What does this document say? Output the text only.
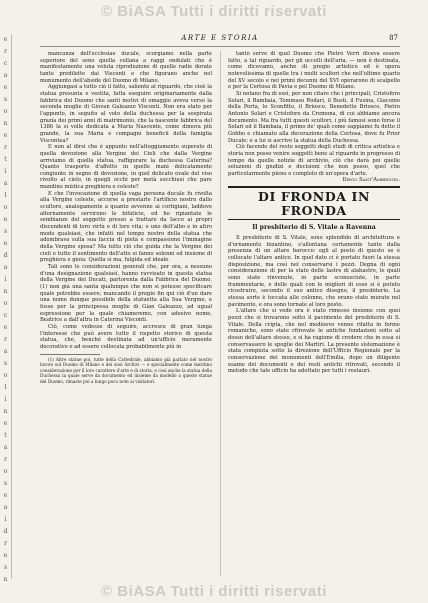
© BiASA Tutti i diritti riservati
e
r
c
a
e
s
o
n
e
r
t
i
a
l
o
e
s
e
d
a
i
n
o
c
e
r
a
s
o
l
i
n
e
t
a
r
o
s
e
a
i
d
r
e
s
n
ARTE E STORIA	87

mancanza dell'ecclesiae ducale, scorgiamo nella parte superiore del seno quella collana a raggi ondulati che è manifestamente una voluta riproduzione di quelle radie dorate tanto predilette dai Visconti e che figurano anche nel monumento dell'abside del Duomo di Milano.

Aggiungasi a tutto ciò il fatto, saliente al riguardo, che cioè la statua presunta e vestita, fatta eseguire originariamente dalla fabbrica del Duomo che santi motivi di omaggio aveva verso la seconda moglie di Giovan Galeazzo Visconti. Non era stato per l'appunto, in seguito al voto della duchessa per la sospirata grazia dei primi anni di matrimonio, che la nascente fabbrica del 1386 la si volle dedicata a Maria Nascente, come dimora più grande, la sua Maria e compagni beneficii della famiglia Visconteа?

E non al dirsi che è appunto nell'atteggiamento superato di quella devozione alla Vergine dei Cieli che dalla Vergine arriviamo di quella statua, raffigurare la duchessa Caterina? Quanto trasporto d'affetto in quelle mani delicatamente congiunte in segno di devozione, in quel delicato ovale del viso rivolto al cielo, in quegli occhi per metà socchiusi che pare mandino mistica preghiera e celeste?

E che l'invocazione di quella vaga persona ducale fu rivolta alla Vergine celeste, accorse a prestarle l'artificio nostro dallo scultore, analogamente a quanto avvenne ai cortigiani, laddove alternamente servirono le bifaticie, ed ho ripiantate le sembianze del soggetto presso a trattare da Iacco ai propri discendenti di loro virtù e di loro vita; o uno dell'albo e in altro modo qualsiasi, che infatti nel tempo nostro della statua che adombrava sulla sua faccia di pietà e compassione l'immagine della Vergine sposa? Ma tutto ciò che guida che la Vergine dei cieli e tutto il sentimento dell'atto si fanno solenni ed insieme di preghiera e gioia: Quella si ma, fulgida ed ideale.

Tali sono le considerazioni generali che, per ora, a nessuno d'una designazione qualsiasi, hanno ravvisato in questa statua della Vergine dei Ducati, partorenta dalla Fabbrica del Duomo, (1) non già una santa qualunque che non si potesse specificare quale potrebbe essere; mancando il pregio fin qui ciò d'un dare una nome dunque possibile della statuetta alla Sua Vergine, e fosse per la principessa moglie di Gian Galeazzo, ad ugual espressione per la quale chiameremo, con adesivo nome, Beatrice a dall'altra in Caterina Visconti.

Ciò, come vedesse di seguire, accresce di gran lunga l'interesse che può avere tutto il rispetto storico di questa statua, che, benché destinata ad un'ufficio meramente decorativo e ad essere collocata probabilmente più in

(1) Altre statue poi, tutte della Cattedrale, abbiamo già parlato nel nostro lavoro sul Duomo di Milano e dei suoi Archivi — e specialmente come meritino considerazione per il loro carattere d'arte e di storia, e così anche la statua della Duchessa la quale serve da documento ed insieme da modello a queste statue del Duomo, rimaste poi a lungo poco note ai visitatori.

tanto serve di quel Duomo che Pietro Verri diceva essere fatto, a tal riguardo, per gli uccelli dell'aria, — non è destinata, come dicevamo, anche di pregio artistico ed è opera notevolissima di quelle tra i molti scultori che nell'ultimo quarto del XV secolo e nei primi decenni del XVI operarono di scalpello e per la Certosa di Pavia e pel Duomo di Milano.

Si notano fra di essi, per non citare che i principali, Cristoforo Solari, il Bambaia, Tommaso Rodari, il Busti, il Fusina, Giacomo della Porta, lo Sconfitto, il Briosco, Benedetto Briosco, Pietro Antonio Solari e Cristoforo da Cremona, di cui abbiamo ancora documento. Ma fra tutti questi scultori, i più famosi sono forse il Solari ed il Bambaia, il primo de' quali come sappiamo fu detto il Gobbo e chiamato alla decorazione della Certosa, dove fu Prior Ducale; e a lui si ascrive la statua della Duchessa.

Ciò facendo del resto soggetti degli studi di critica artistica e storia non posso venire soggetti bene al riguardo in progresso di tempo da quelle notizie di archivio, ciò che darà poi quelle soluzioni di giudizi e decisioni che non posso, quel che particolarmente pieno e completo di un'opera d'arte.

Diego Sant'Ambrogio.

DI FRONDA IN FRONDA
Il presbiterio di S. Vitale a Ravenna

Il presbiterio di S. Vitale, sono splendido di architettura e d'ornamento bizantino, s'allontana certamente tanto dalla presenza di un altare barocco: egli al posto di questo se è collocato l'altare antico. In quel dato ci è portato fuori la stessa disposizione, ma così nel conservarsi i pezzi. Degna di ogni considerazione di per la stato delle lastre di alabastro, le quali sono state rinvenute, in parte sconosciute, in parte frammentarie, e delle quali con le migliori di esse si è potuto ricostruire, secondo il suo antico disegno, il presbiterio. La stessa sorte è toccata alle colonne, che erano state murate nel pavimento, e ora sono tornate al loro posto.

L'altare che si vede ora è stato rimesso insieme con quei pezzi che si trovarono sotto il pavimento del presbiterio di S. Vitale. Della cripta, che nel medioevo venne rifatta in forme romaniche, sono state ritrovate le antiche fondazioni sotto al dosso dell'altare stesso, e si ha ragione di credere che in essa si conservassero le spoglie dei Martiri. La presente sistemazione è stata compiuta sotto la direzione dell'Ufficio Regionale per la conservazione dei monumenti dell'Emilia, dopo un diligente esame dei documenti e dei resti antichi ritrovati, secondo il metodo che tale ufficio ha adottato per tutti i restauri.

© BiASA Tutti i diritti riservati
